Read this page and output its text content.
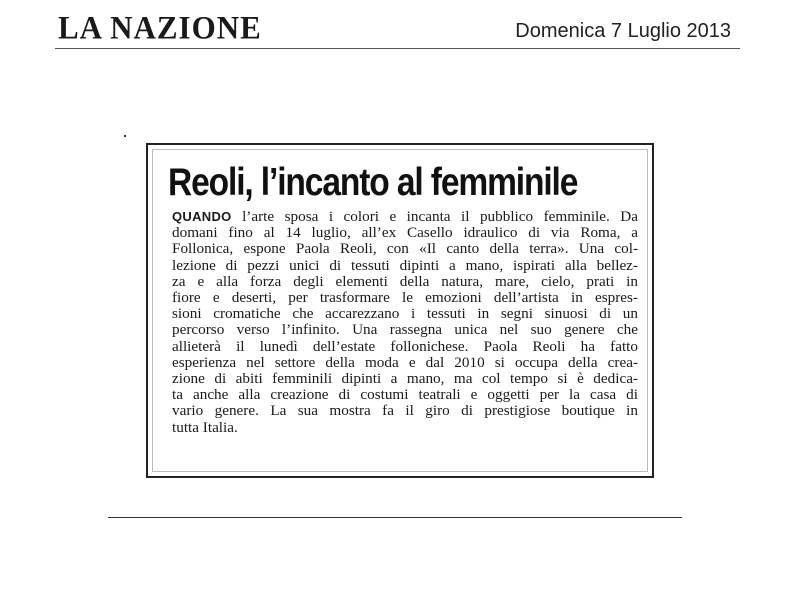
LA NAZIONE	Domenica 7 Luglio 2013
Reoli, l’incanto al femminile
QUANDO l’arte sposa i colori e incanta il pubblico femminile. Da
domani fino al 14 luglio, all’ex Casello idraulico di via Roma, a
Follonica, espone Paola Reoli, con «Il canto della terra». Una col-
lezione di pezzi unici di tessuti dipinti a mano, ispirati alla bellez-
za e alla forza degli elementi della natura, mare, cielo, prati in
fiore e deserti, per trasformare le emozioni dell’artista in espres-
sioni cromatiche che accarezzano i tessuti in segni sinuosi di un
percorso verso l’infinito. Una rassegna unica nel suo genere che
allieterà il lunedì dell’estate follonichese. Paola Reoli ha fatto
esperienza nel settore della moda e dal 2010 si occupa della crea-
zione di abiti femminili dipinti a mano, ma col tempo si è dedica-
ta anche alla creazione di costumi teatrali e oggetti per la casa di
vario genere. La sua mostra fa il giro di prestigiose boutique in
tutta Italia.
